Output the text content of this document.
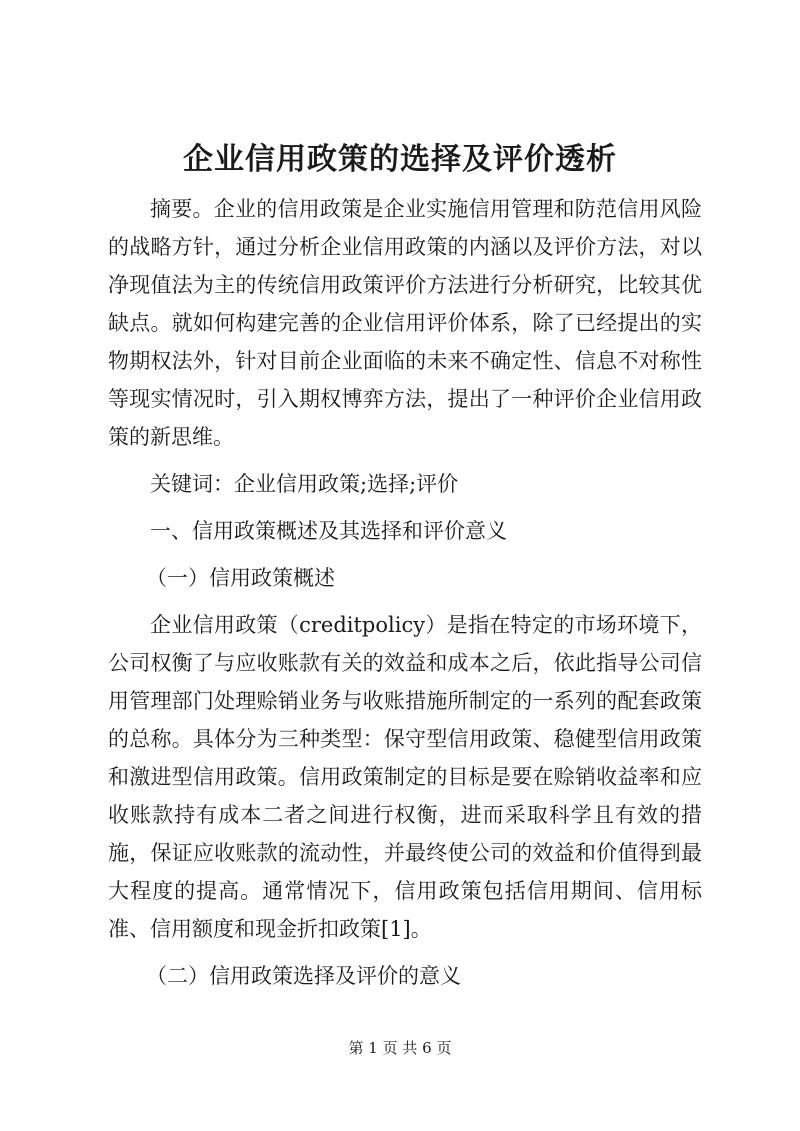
企业信用政策的选择及评价透析

摘要。企业的信用政策是企业实施信用管理和防范信用风险的战略方针，通过分析企业信用政策的内涵以及评价方法，对以净现值法为主的传统信用政策评价方法进行分析研究，比较其优缺点。就如何构建完善的企业信用评价体系，除了已经提出的实物期权法外，针对目前企业面临的未来不确定性、信息不对称性等现实情况时，引入期权博弈方法，提出了一种评价企业信用政策的新思维。

关键词：企业信用政策;选择;评价

一、信用政策概述及其选择和评价意义

（一）信用政策概述

企业信用政策（creditpolicy）是指在特定的市场环境下，公司权衡了与应收账款有关的效益和成本之后，依此指导公司信用管理部门处理赊销业务与收账措施所制定的一系列的配套政策的总称。具体分为三种类型：保守型信用政策、稳健型信用政策和激进型信用政策。信用政策制定的目标是要在赊销收益率和应收账款持有成本二者之间进行权衡，进而采取科学且有效的措施，保证应收账款的流动性，并最终使公司的效益和价值得到最大程度的提高。通常情况下，信用政策包括信用期间、信用标准、信用额度和现金折扣政策[1]。

（二）信用政策选择及评价的意义

第 1 页 共 6 页
